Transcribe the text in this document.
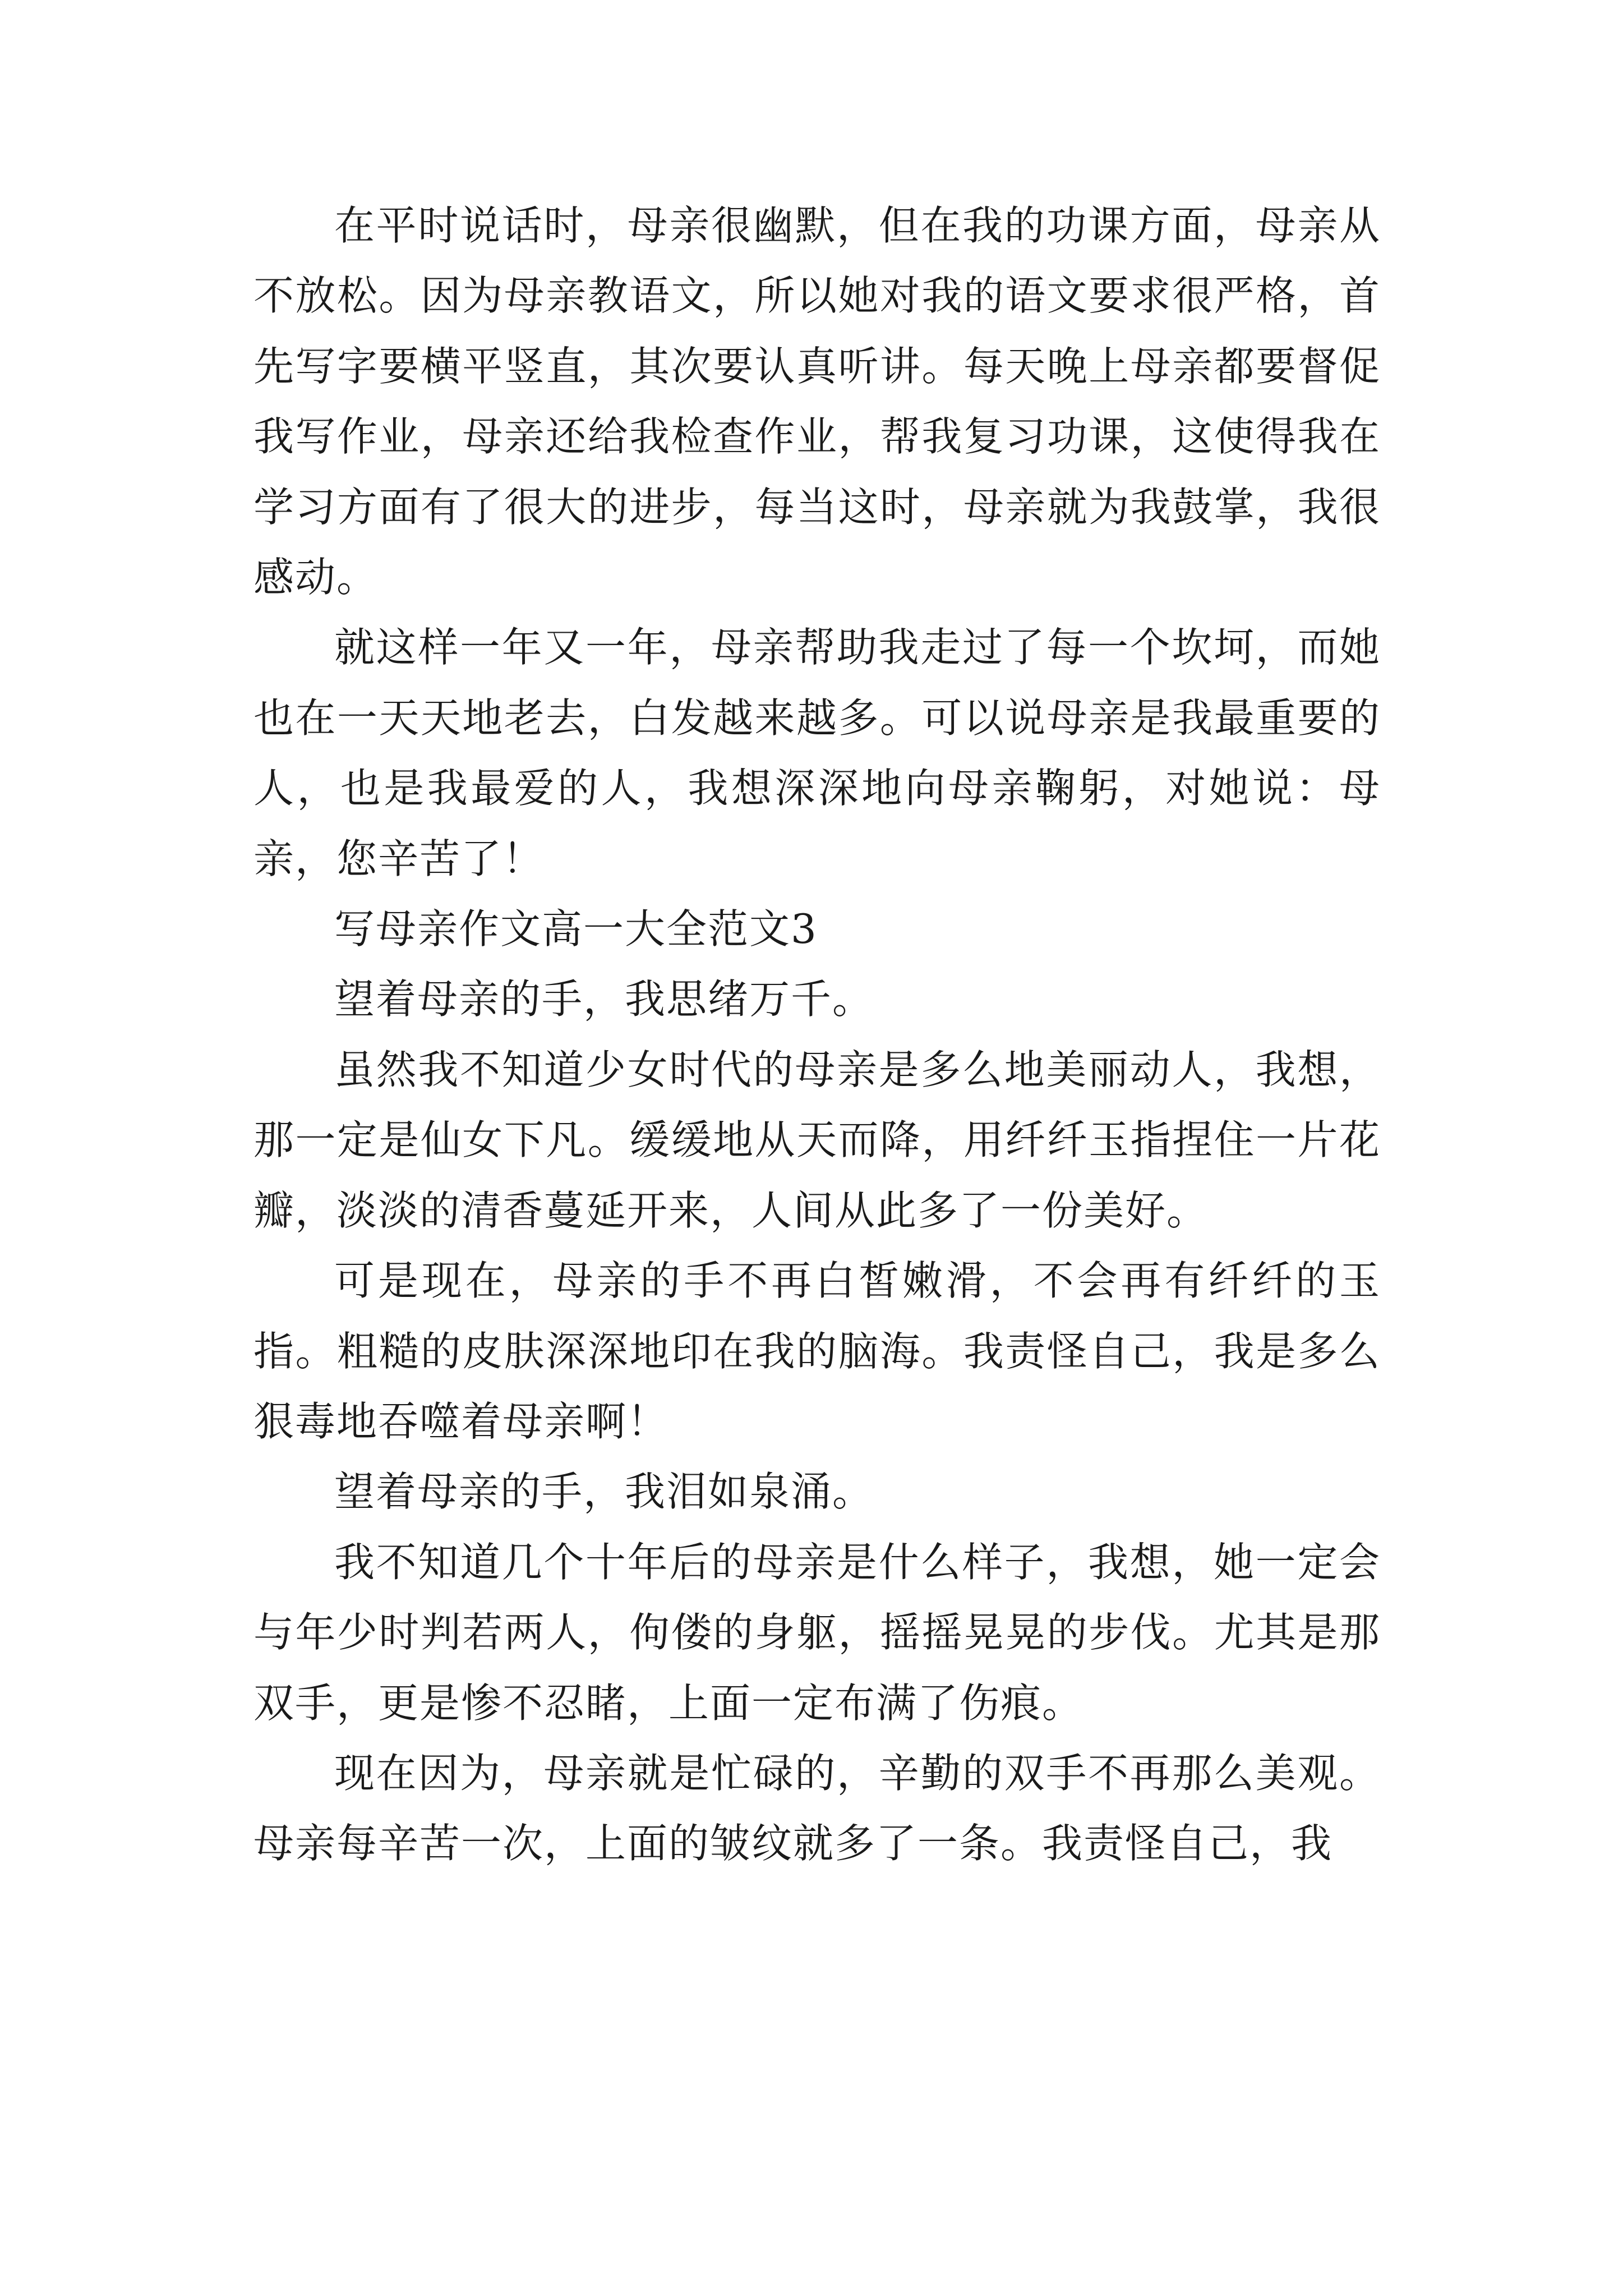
在平时说话时，母亲很幽默，但在我的功课方面，母亲从不放松。因为母亲教语文，所以她对我的语文要求很严格，首先写字要横平竖直，其次要认真听讲。每天晚上母亲都要督促我写作业，母亲还给我检查作业，帮我复习功课，这使得我在学习方面有了很大的进步，每当这时，母亲就为我鼓掌，我很感动。

就这样一年又一年，母亲帮助我走过了每一个坎坷，而她也在一天天地老去，白发越来越多。可以说母亲是我最重要的人，也是我最爱的人，我想深深地向母亲鞠躬，对她说：母亲，您辛苦了！

写母亲作文高一大全范文3

望着母亲的手，我思绪万千。

虽然我不知道少女时代的母亲是多么地美丽动人，我想，那一定是仙女下凡。缓缓地从天而降，用纤纤玉指捏住一片花瓣，淡淡的清香蔓延开来，人间从此多了一份美好。

可是现在，母亲的手不再白皙嫩滑，不会再有纤纤的玉指。粗糙的皮肤深深地印在我的脑海。我责怪自己，我是多么狠毒地吞噬着母亲啊！

望着母亲的手，我泪如泉涌。

我不知道几个十年后的母亲是什么样子，我想，她一定会与年少时判若两人，佝偻的身躯，摇摇晃晃的步伐。尤其是那双手，更是惨不忍睹，上面一定布满了伤痕。

现在因为，母亲就是忙碌的，辛勤的双手不再那么美观。母亲每辛苦一次，上面的皱纹就多了一条。我责怪自己，我
